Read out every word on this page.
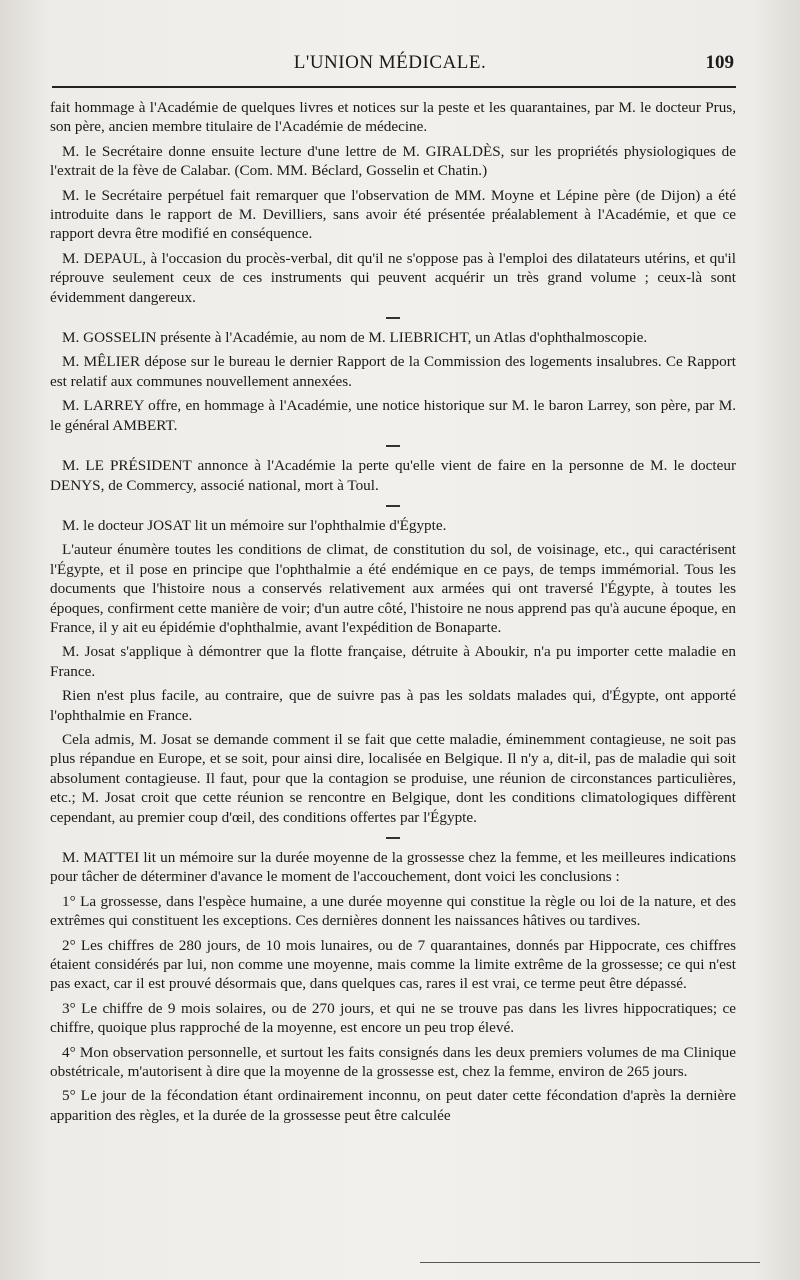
L'UNION MÉDICALE.	109

fait hommage à l'Académie de quelques livres et notices sur la peste et les quarantaines, par M. le docteur Prus, son père, ancien membre titulaire de l'Académie de médecine.

M. le Secrétaire donne ensuite lecture d'une lettre de M. GIRALDÈS, sur les propriétés physiologiques de l'extrait de la fève de Calabar. (Com. MM. Béclard, Gosselin et Chatin.)

M. le Secrétaire perpétuel fait remarquer que l'observation de MM. Moyne et Lépine père (de Dijon) a été introduite dans le rapport de M. Devilliers, sans avoir été présentée préalablement à l'Académie, et que ce rapport devra être modifié en conséquence.

M. DEPAUL, à l'occasion du procès-verbal, dit qu'il ne s'oppose pas à l'emploi des dilatateurs utérins, et qu'il réprouve seulement ceux de ces instruments qui peuvent acquérir un très grand volume ; ceux-là sont évidemment dangereux.

M. GOSSELIN présente à l'Académie, au nom de M. LIEBRICHT, un Atlas d'ophthalmoscopie.

M. MÊLIER dépose sur le bureau le dernier Rapport de la Commission des logements insalubres. Ce Rapport est relatif aux communes nouvellement annexées.

M. LARREY offre, en hommage à l'Académie, une notice historique sur M. le baron Larrey, son père, par M. le général AMBERT.

M. LE PRÉSIDENT annonce à l'Académie la perte qu'elle vient de faire en la personne de M. le docteur DENYS, de Commercy, associé national, mort à Toul.

M. le docteur JOSAT lit un mémoire sur l'ophthalmie d'Égypte.

L'auteur énumère toutes les conditions de climat, de constitution du sol, de voisinage, etc., qui caractérisent l'Égypte, et il pose en principe que l'ophthalmie a été endémique en ce pays, de temps immémorial. Tous les documents que l'histoire nous a conservés relativement aux armées qui ont traversé l'Égypte, à toutes les époques, confirment cette manière de voir; d'un autre côté, l'histoire ne nous apprend pas qu'à aucune époque, en France, il y ait eu épidémie d'ophthalmie, avant l'expédition de Bonaparte.

M. Josat s'applique à démontrer que la flotte française, détruite à Aboukir, n'a pu importer cette maladie en France.

Rien n'est plus facile, au contraire, que de suivre pas à pas les soldats malades qui, d'Égypte, ont apporté l'ophthalmie en France.

Cela admis, M. Josat se demande comment il se fait que cette maladie, éminemment contagieuse, ne soit pas plus répandue en Europe, et se soit, pour ainsi dire, localisée en Belgique. Il n'y a, dit-il, pas de maladie qui soit absolument contagieuse. Il faut, pour que la contagion se produise, une réunion de circonstances particulières, etc.; M. Josat croit que cette réunion se rencontre en Belgique, dont les conditions climatologiques diffèrent cependant, au premier coup d'œil, des conditions offertes par l'Égypte.

M. MATTEI lit un mémoire sur la durée moyenne de la grossesse chez la femme, et les meilleures indications pour tâcher de déterminer d'avance le moment de l'accouchement, dont voici les conclusions :

1° La grossesse, dans l'espèce humaine, a une durée moyenne qui constitue la règle ou loi de la nature, et des extrêmes qui constituent les exceptions. Ces dernières donnent les naissances hâtives ou tardives.

2° Les chiffres de 280 jours, de 10 mois lunaires, ou de 7 quarantaines, donnés par Hippocrate, ces chiffres étaient considérés par lui, non comme une moyenne, mais comme la limite extrême de la grossesse; ce qui n'est pas exact, car il est prouvé désormais que, dans quelques cas, rares il est vrai, ce terme peut être dépassé.

3° Le chiffre de 9 mois solaires, ou de 270 jours, et qui ne se trouve pas dans les livres hippocratiques; ce chiffre, quoique plus rapproché de la moyenne, est encore un peu trop élevé.

4° Mon observation personnelle, et surtout les faits consignés dans les deux premiers volumes de ma Clinique obstétricale, m'autorisent à dire que la moyenne de la grossesse est, chez la femme, environ de 265 jours.

5° Le jour de la fécondation étant ordinairement inconnu, on peut dater cette fécondation d'après la dernière apparition des règles, et la durée de la grossesse peut être calculée
